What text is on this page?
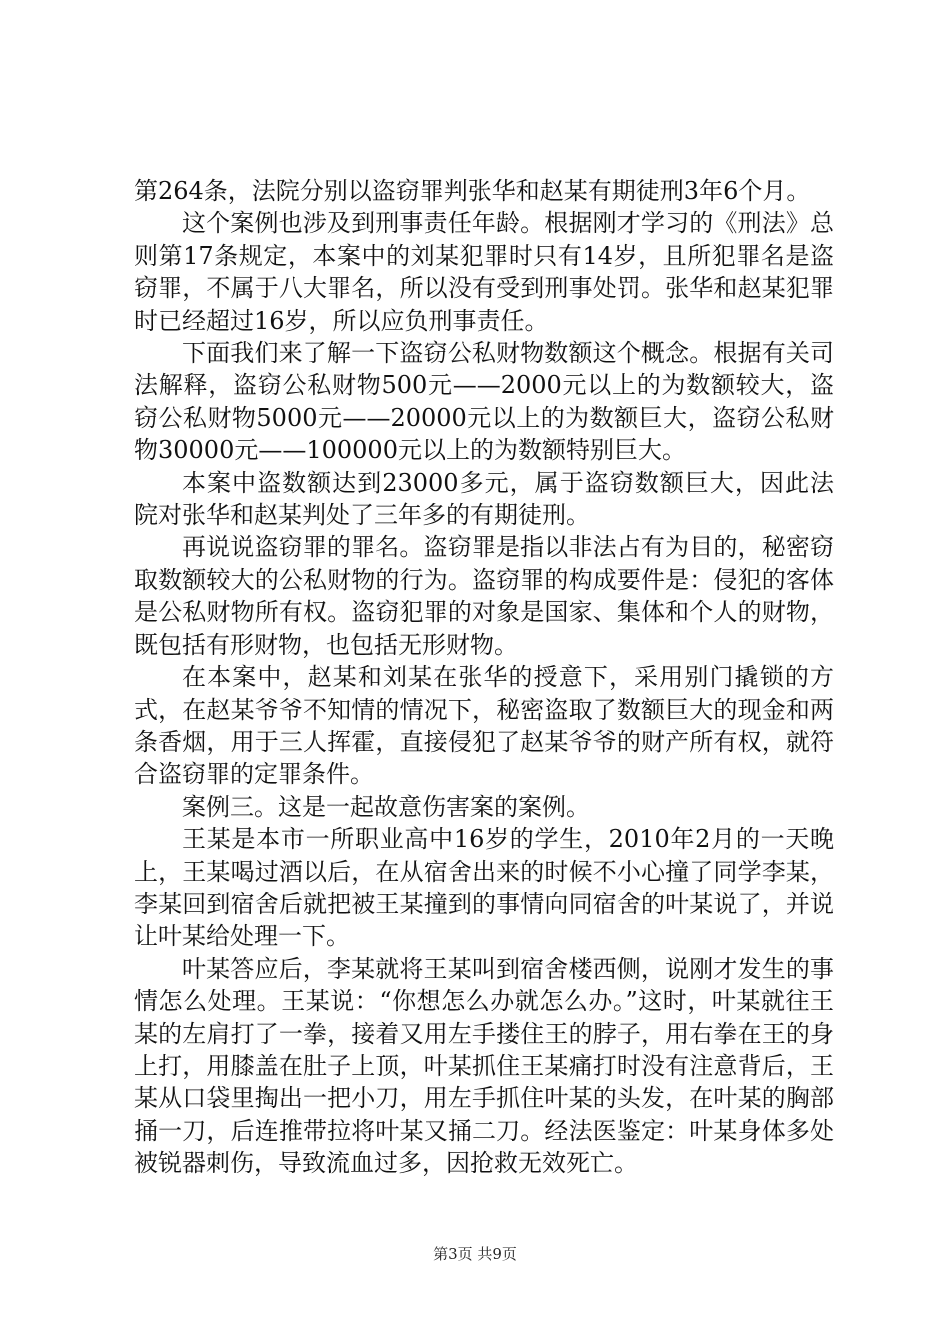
第264条，法院分别以盗窃罪判张华和赵某有期徒刑3年6个月。

这个案例也涉及到刑事责任年龄。根据刚才学习的《刑法》总则第17条规定，本案中的刘某犯罪时只有14岁，且所犯罪名是盗窃罪，不属于八大罪名，所以没有受到刑事处罚。张华和赵某犯罪时已经超过16岁，所以应负刑事责任。

下面我们来了解一下盗窃公私财物数额这个概念。根据有关司法解释，盗窃公私财物500元——2000元以上的为数额较大，盗窃公私财物5000元——20000元以上的为数额巨大，盗窃公私财物30000元——100000元以上的为数额特别巨大。

本案中盗数额达到23000多元，属于盗窃数额巨大，因此法院对张华和赵某判处了三年多的有期徒刑。

再说说盗窃罪的罪名。盗窃罪是指以非法占有为目的，秘密窃取数额较大的公私财物的行为。盗窃罪的构成要件是：侵犯的客体是公私财物所有权。盗窃犯罪的对象是国家、集体和个人的财物，既包括有形财物，也包括无形财物。

在本案中，赵某和刘某在张华的授意下，采用别门撬锁的方式，在赵某爷爷不知情的情况下，秘密盗取了数额巨大的现金和两条香烟，用于三人挥霍，直接侵犯了赵某爷爷的财产所有权，就符合盗窃罪的定罪条件。

案例三。这是一起故意伤害案的案例。

王某是本市一所职业高中16岁的学生，2010年2月的一天晚上，王某喝过酒以后，在从宿舍出来的时候不小心撞了同学李某，李某回到宿舍后就把被王某撞到的事情向同宿舍的叶某说了，并说让叶某给处理一下。

叶某答应后，李某就将王某叫到宿舍楼西侧，说刚才发生的事情怎么处理。王某说：“你想怎么办就怎么办。”这时，叶某就往王某的左肩打了一拳，接着又用左手搂住王的脖子，用右拳在王的身上打，用膝盖在肚子上顶，叶某抓住王某痛打时没有注意背后，王某从口袋里掏出一把小刀，用左手抓住叶某的头发，在叶某的胸部捅一刀，后连推带拉将叶某又捅二刀。经法医鉴定：叶某身体多处被锐器刺伤，导致流血过多，因抢救无效死亡。

第3页 共9页
